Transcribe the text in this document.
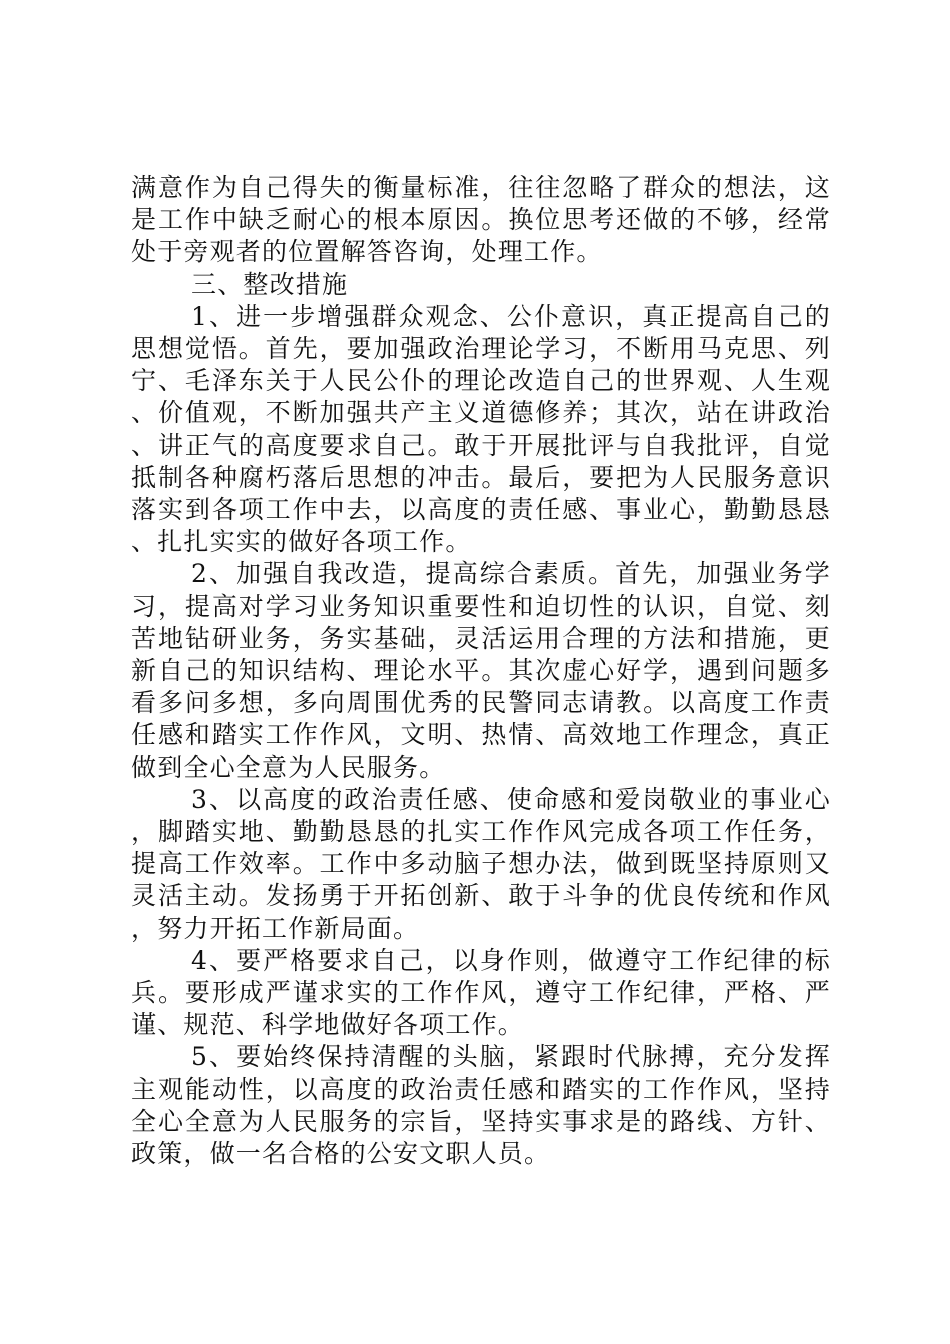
满意作为自己得失的衡量标准，往往忽略了群众的想法，这是工作中缺乏耐心的根本原因。换位思考还做的不够，经常处于旁观者的位置解答咨询，处理工作。

三、整改措施

1、进一步增强群众观念、公仆意识，真正提高自己的思想觉悟。首先，要加强政治理论学习，不断用马克思、列宁、毛泽东关于人民公仆的理论改造自己的世界观、人生观、价值观，不断加强共产主义道德修养；其次，站在讲政治、讲正气的高度要求自己。敢于开展批评与自我批评，自觉抵制各种腐朽落后思想的冲击。最后，要把为人民服务意识落实到各项工作中去，以高度的责任感、事业心，勤勤恳恳、扎扎实实的做好各项工作。

2、加强自我改造，提高综合素质。首先，加强业务学习，提高对学习业务知识重要性和迫切性的认识，自觉、刻苦地钻研业务，务实基础，灵活运用合理的方法和措施，更新自己的知识结构、理论水平。其次虚心好学，遇到问题多看多问多想，多向周围优秀的民警同志请教。以高度工作责任感和踏实工作作风，文明、热情、高效地工作理念，真正做到全心全意为人民服务。

3、以高度的政治责任感、使命感和爱岗敬业的事业心，脚踏实地、勤勤恳恳的扎实工作作风完成各项工作任务，提高工作效率。工作中多动脑子想办法，做到既坚持原则又灵活主动。发扬勇于开拓创新、敢于斗争的优良传统和作风，努力开拓工作新局面。

4、要严格要求自己，以身作则，做遵守工作纪律的标兵。要形成严谨求实的工作作风，遵守工作纪律，严格、严谨、规范、科学地做好各项工作。

5、要始终保持清醒的头脑，紧跟时代脉搏，充分发挥主观能动性，以高度的政治责任感和踏实的工作作风，坚持全心全意为人民服务的宗旨，坚持实事求是的路线、方针、政策，做一名合格的公安文职人员。
